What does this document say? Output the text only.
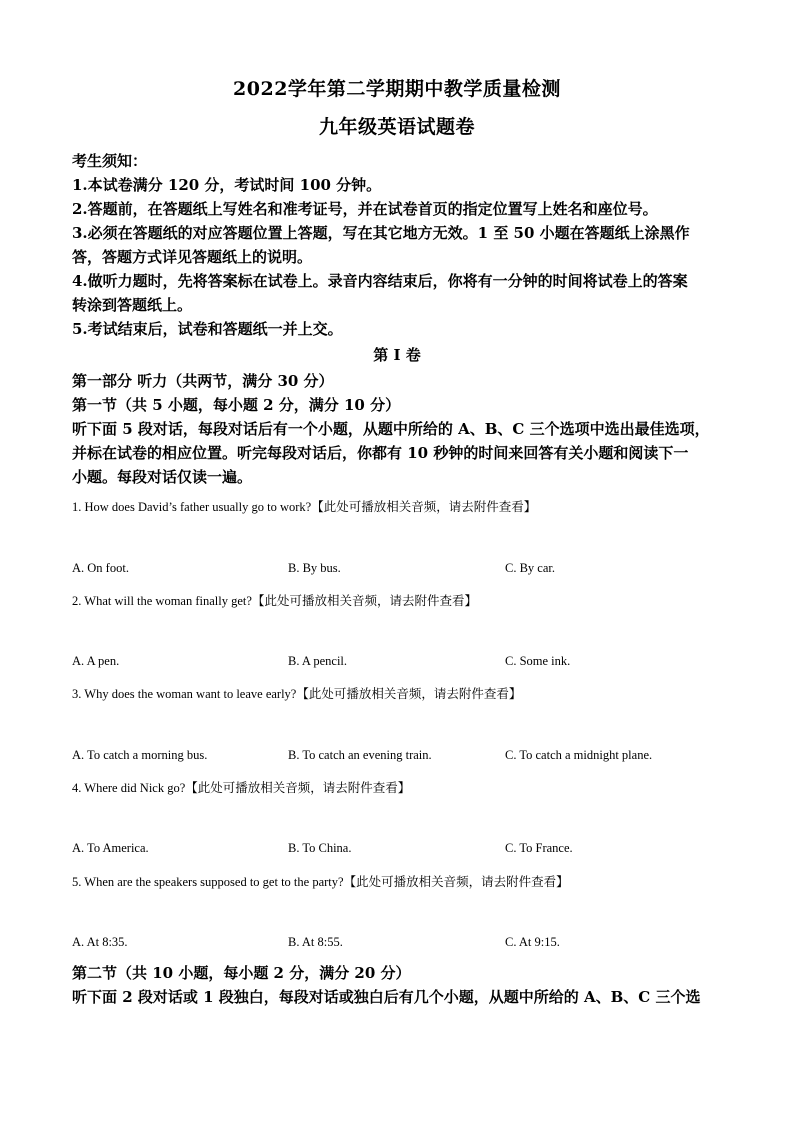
2022学年第二学期期中教学质量检测
九年级英语试题卷
考生须知：
1.本试卷满分 120 分，考试时间 100 分钟。
2.答题前，在答题纸上写姓名和准考证号，并在试卷首页的指定位置写上姓名和座位号。
3.必须在答题纸的对应答题位置上答题，写在其它地方无效。1 至 50 小题在答题纸上涂黑作
答，答题方式详见答题纸上的说明。
4.做听力题时，先将答案标在试卷上。录音内容结束后，你将有一分钟的时间将试卷上的答案
转涂到答题纸上。
5.考试结束后，试卷和答题纸一并上交。
第 I 卷
第一部分 听力（共两节，满分 30 分）
第一节（共 5 小题，每小题 2 分，满分 10 分）
听下面 5 段对话，每段对话后有一个小题，从题中所给的 A、B、C 三个选项中选出最佳选项，
并标在试卷的相应位置。听完每段对话后，你都有 10 秒钟的时间来回答有关小题和阅读下一
小题。每段对话仅读一遍。
1. How does David’s father usually go to work?【此处可播放相关音频，请去附件查看】
A. On foot.	B. By bus.	C. By car.
2. What will the woman finally get?【此处可播放相关音频，请去附件查看】
A. A pen.	B. A pencil.	C. Some ink.
3. Why does the woman want to leave early?【此处可播放相关音频，请去附件查看】
A. To catch a morning bus.	B. To catch an evening train.	C. To catch a midnight plane.
4. Where did Nick go?【此处可播放相关音频，请去附件查看】
A. To America.	B. To China.	C. To France.
5. When are the speakers supposed to get to the party?【此处可播放相关音频，请去附件查看】
A. At 8:35.	B. At 8:55.	C. At 9:15.
第二节（共 10 小题，每小题 2 分，满分 20 分）
听下面 2 段对话或 1 段独白，每段对话或独白后有几个小题，从题中所给的 A、B、C 三个选
